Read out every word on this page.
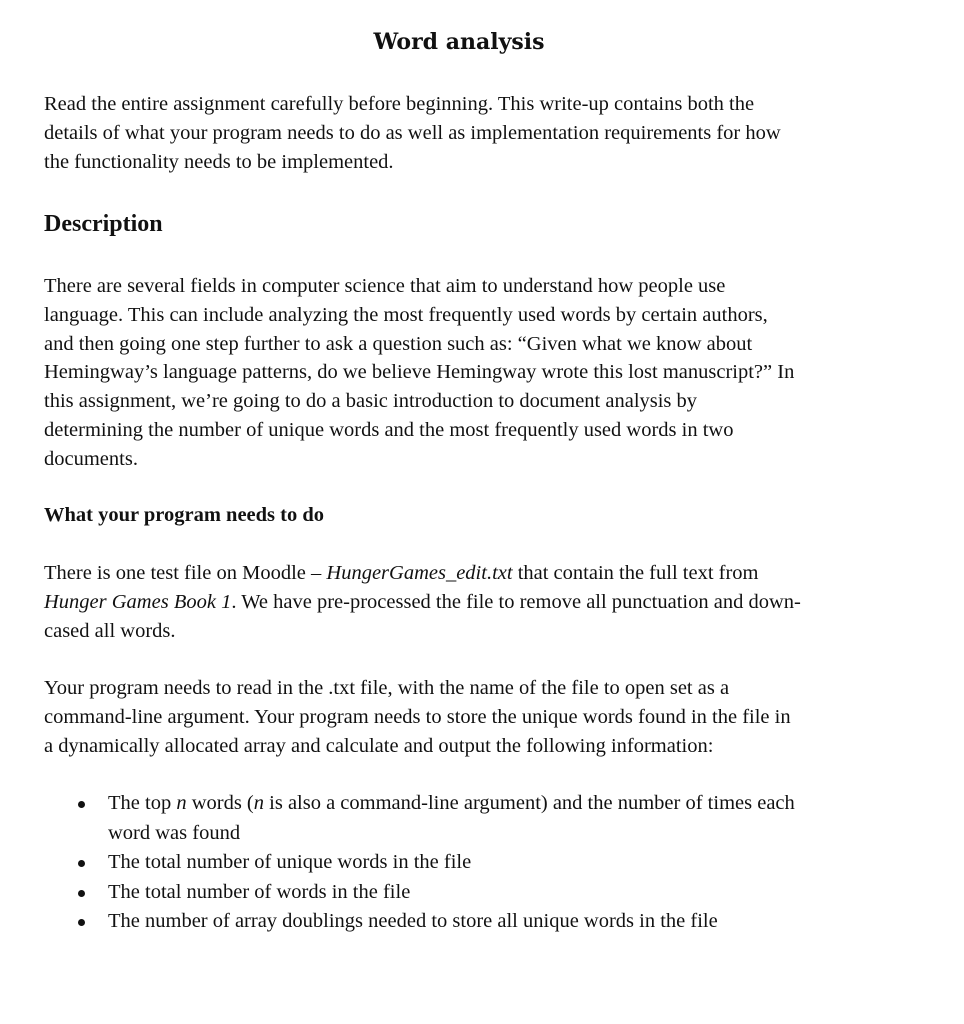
Word analysis
Read the entire assignment carefully before beginning. This write-up contains both the
details of what your program needs to do as well as implementation requirements for how
the functionality needs to be implemented.
Description
There are several fields in computer science that aim to understand how people use
language. This can include analyzing the most frequently used words by certain authors,
and then going one step further to ask a question such as: “Given what we know about
Hemingway’s language patterns, do we believe Hemingway wrote this lost manuscript?” In
this assignment, we’re going to do a basic introduction to document analysis by
determining the number of unique words and the most frequently used words in two
documents.
What your program needs to do
There is one test file on Moodle – HungerGames_edit.txt that contain the full text from
Hunger Games Book 1. We have pre-processed the file to remove all punctuation and down-
cased all words.
Your program needs to read in the .txt file, with the name of the file to open set as a
command-line argument. Your program needs to store the unique words found in the file in
a dynamically allocated array and calculate and output the following information:
The top n words (n is also a command-line argument) and the number of times each
word was found
The total number of unique words in the file
The total number of words in the file
The number of array doublings needed to store all unique words in the file
